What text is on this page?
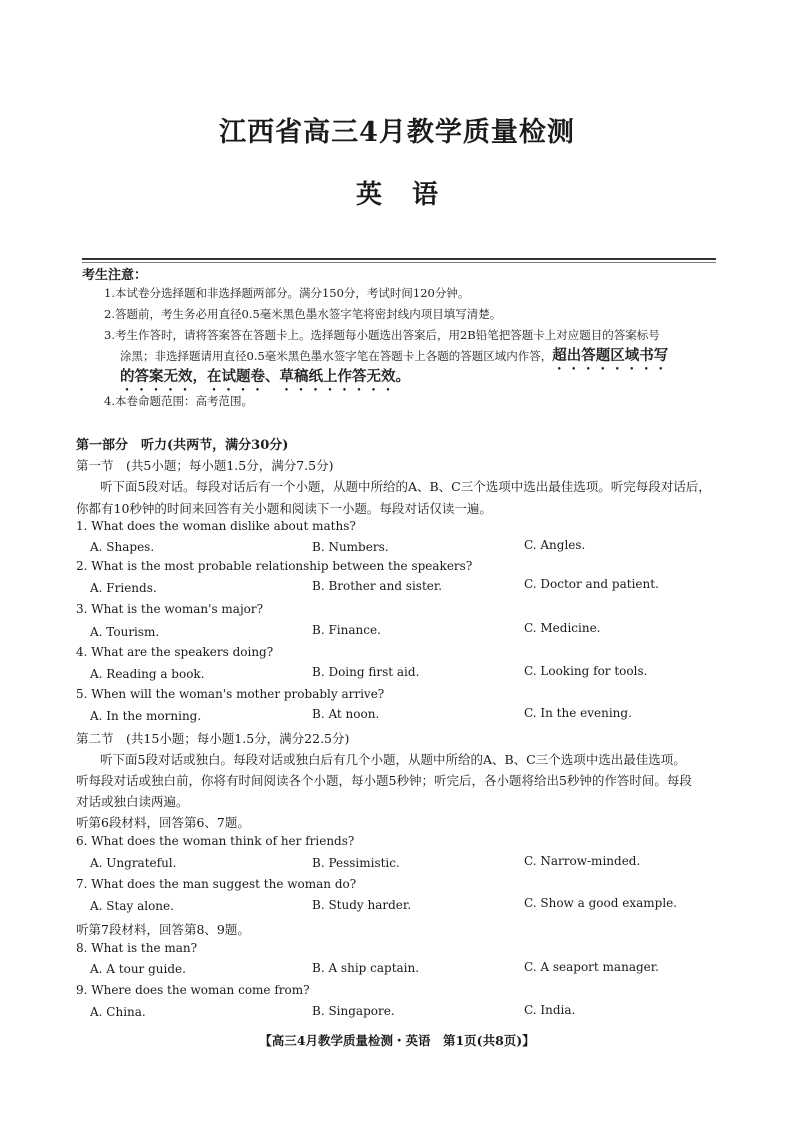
江西省高三4月教学质量检测
英语
考生注意：
1.本试卷分选择题和非选择题两部分。满分150分，考试时间120分钟。
2.答题前，考生务必用直径0.5毫米黑色墨水签字笔将密封线内项目填写清楚。
3.考生作答时，请将答案答在答题卡上。选择题每小题选出答案后，用2B铅笔把答题卡上对应题目的答案标号
涂黑；非选择题请用直径0.5毫米黑色墨水签字笔在答题卡上各题的答题区域内作答，超出答题区域书写
的答案无效，在试题卷、草稿纸上作答无效。
4.本卷命题范围：高考范围。
第一部分　听力(共两节，满分30分)
第一节　(共5小题；每小题1.5分，满分7.5分)
听下面5段对话。每段对话后有一个小题，从题中所给的A、B、C三个选项中选出最佳选项。听完每段对话后，
你都有10秒钟的时间来回答有关小题和阅读下一小题。每段对话仅读一遍。
1. What does the woman dislike about maths?
A. Shapes.	B. Numbers.	C. Angles.
2. What is the most probable relationship between the speakers?
A. Friends.	B. Brother and sister.	C. Doctor and patient.
3. What is the woman's major?
A. Tourism.	B. Finance.	C. Medicine.
4. What are the speakers doing?
A. Reading a book.	B. Doing first aid.	C. Looking for tools.
5. When will the woman's mother probably arrive?
A. In the morning.	B. At noon.	C. In the evening.
第二节　(共15小题；每小题1.5分，满分22.5分)
听下面5段对话或独白。每段对话或独白后有几个小题，从题中所给的A、B、C三个选项中选出最佳选项。
听每段对话或独白前，你将有时间阅读各个小题，每小题5秒钟；听完后，各小题将给出5秒钟的作答时间。每段
对话或独白读两遍。
听第6段材料，回答第6、7题。
6. What does the woman think of her friends?
A. Ungrateful.	B. Pessimistic.	C. Narrow-minded.
7. What does the man suggest the woman do?
A. Stay alone.	B. Study harder.	C. Show a good example.
听第7段材料，回答第8、9题。
8. What is the man?
A. A tour guide.	B. A ship captain.	C. A seaport manager.
9. Where does the woman come from?
A. China.	B. Singapore.	C. India.
【高三4月教学质量检测・英语　第1页(共8页)】
